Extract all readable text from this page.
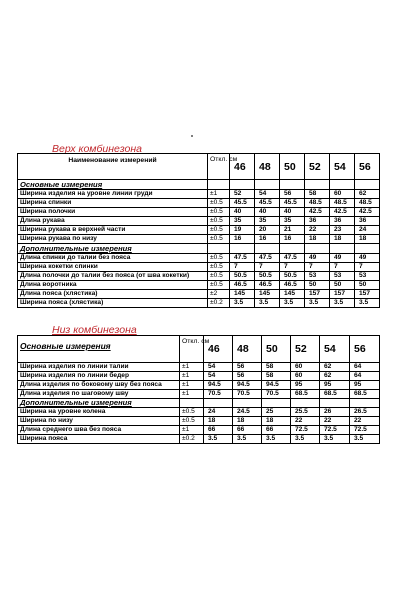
Верх комбинезона
Наименование измерений	Откл. см	46	48	50	52	54	56
Основные измерения							
Ширина изделия на уровне линии груди	±1	52	54	56	58	60	62
Ширина спинки	±0.5	45.5	45.5	45.5	48.5	48.5	48.5
Ширина полочки	±0.5	40	40	40	42.5	42.5	42.5
Длина рукава	±0.5	35	35	35	36	36	36
Ширина рукава в верхней части	±0.5	19	20	21	22	23	24
Ширина рукава по низу	±0.5	16	16	16	18	18	18
Дополнительные измерения							
Длина спинки до талии без пояса	±0.5	47.5	47.5	47.5	49	49	49
Ширина кокетки спинки	±0.5	7	7	7	7	7	7
Длина полочки до талии без пояса (от шва кокетки)	±0.5	50.5	50.5	50.5	53	53	53
Длина воротника	±0.5	46.5	46.5	46.5	50	50	50
Длина пояса (хлястика)	±2	145	145	145	157	157	157
Ширина пояса (хлястика)	±0.2	3.5	3.5	3.5	3.5	3.5	3.5
Низ комбинезона
Основные измерения	Откл. см	46	48	50	52	54	56
Ширина изделия по линии талии	±1	54	56	58	60	62	64
Ширина изделия по линии бедер	±1	54	56	58	60	62	64
Длина изделия по боковому шву без пояса	±1	94.5	94.5	94.5	95	95	95
Длина изделия по шаговому шву	±1	70.5	70.5	70.5	68.5	68.5	68.5
Дополнительные измерения							
Ширина на уровне колена	±0.5	24	24.5	25	25.5	26	26.5
Ширина по низу	±0.5	18	18	18	22	22	22
Длина среднего шва без пояса	±1	66	66	66	72.5	72.5	72.5
Ширина пояса	±0.2	3.5	3.5	3.5	3.5	3.5	3.5
